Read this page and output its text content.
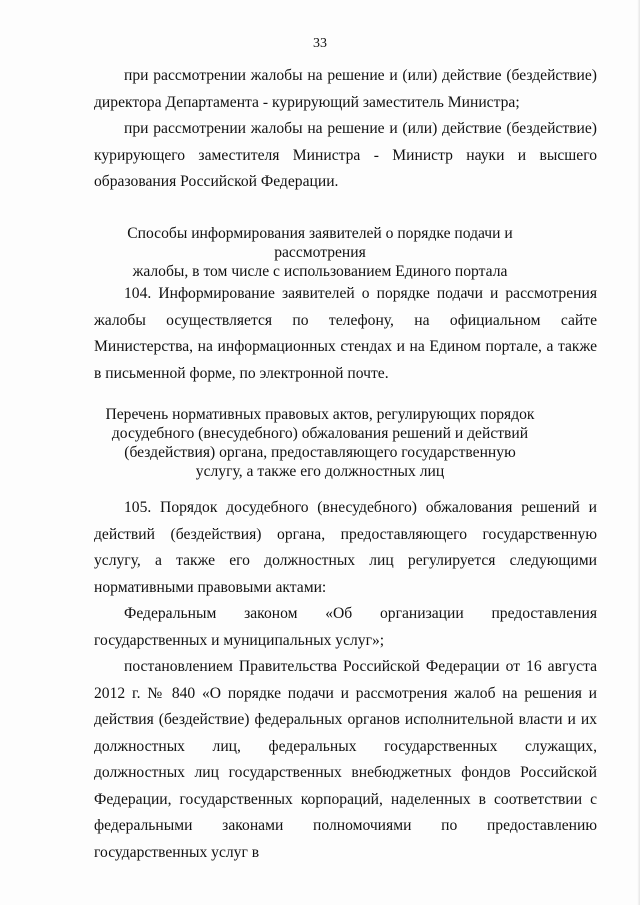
33

при рассмотрении жалобы на решение и (или) действие (бездействие) директора Департамента - курирующий заместитель Министра;

при рассмотрении жалобы на решение и (или) действие (бездействие) курирующего заместителя Министра - Министр науки и высшего образования Российской Федерации.

Способы информирования заявителей о порядке подачи и рассмотрения
жалобы, в том числе с использованием Единого портала

104. Информирование заявителей о порядке подачи и рассмотрения жалобы осуществляется по телефону, на официальном сайте Министерства, на информационных стендах и на Едином портале, а также в письменной форме, по электронной почте.

Перечень нормативных правовых актов, регулирующих порядок
досудебного (внесудебного) обжалования решений и действий
(бездействия) органа, предоставляющего государственную
услугу, а также его должностных лиц

105. Порядок досудебного (внесудебного) обжалования решений и действий (бездействия) органа, предоставляющего государственную услугу, а также его должностных лиц регулируется следующими нормативными правовыми актами:

Федеральным законом «Об организации предоставления государственных и муниципальных услуг»;

постановлением Правительства Российской Федерации от 16 августа 2012 г. № 840 «О порядке подачи и рассмотрения жалоб на решения и действия (бездействие) федеральных органов исполнительной власти и их должностных лиц, федеральных государственных служащих, должностных лиц государственных внебюджетных фондов Российской Федерации, государственных корпораций, наделенных в соответствии с федеральными законами полномочиями по предоставлению государственных услуг в
